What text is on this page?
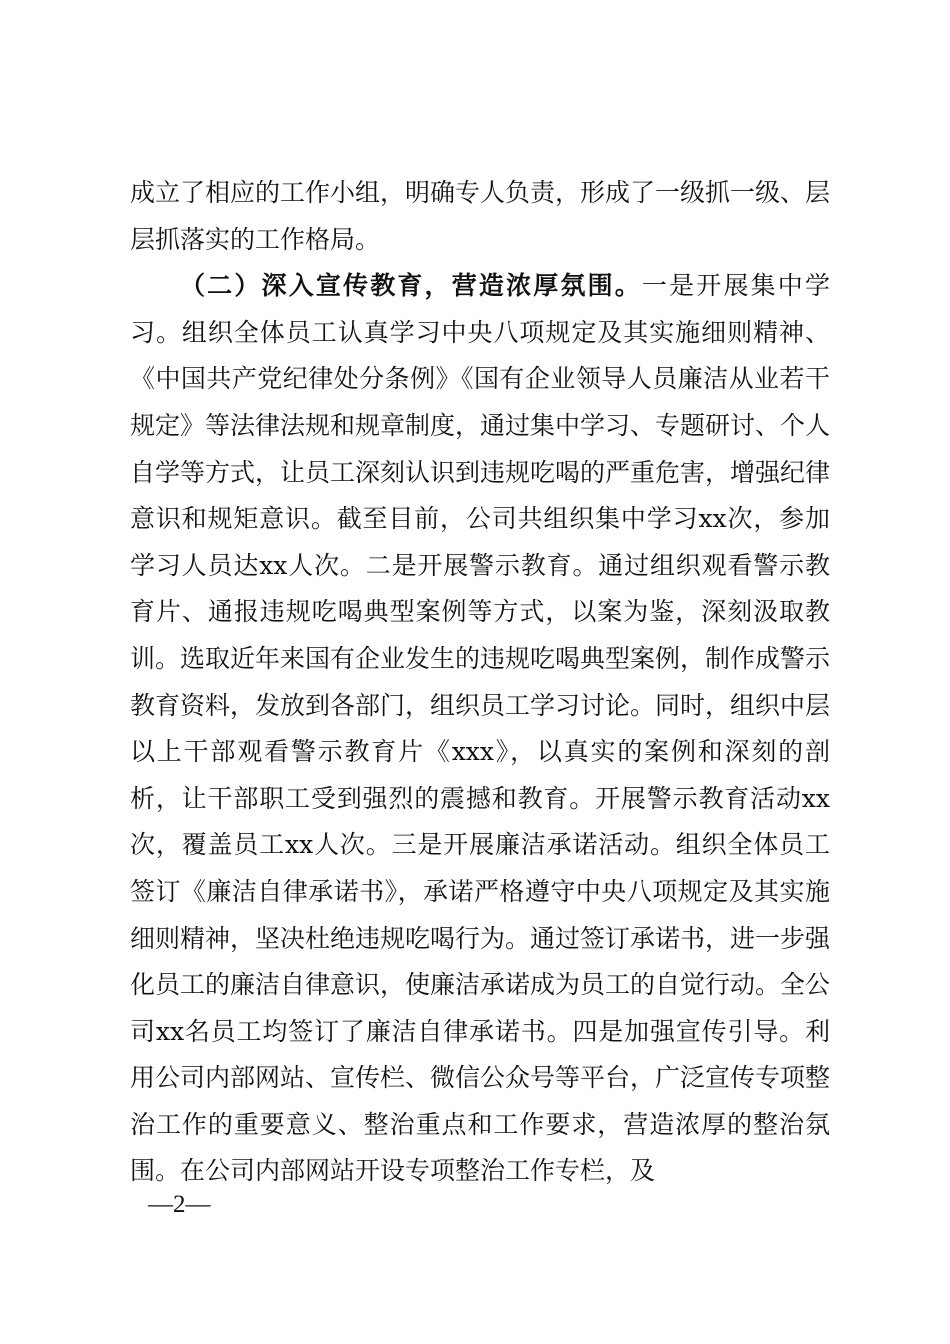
成立了相应的工作小组，明确专人负责，形成了一级抓一级、层层抓落实的工作格局。

（二）深入宣传教育，营造浓厚氛围。一是开展集中学习。组织全体员工认真学习中央八项规定及其实施细则精神、《中国共产党纪律处分条例》《国有企业领导人员廉洁从业若干规定》等法律法规和规章制度，通过集中学习、专题研讨、个人自学等方式，让员工深刻认识到违规吃喝的严重危害，增强纪律意识和规矩意识。截至目前，公司共组织集中学习xx次，参加学习人员达xx人次。二是开展警示教育。通过组织观看警示教育片、通报违规吃喝典型案例等方式，以案为鉴，深刻汲取教训。选取近年来国有企业发生的违规吃喝典型案例，制作成警示教育资料，发放到各部门，组织员工学习讨论。同时，组织中层以上干部观看警示教育片《xxx》，以真实的案例和深刻的剖析，让干部职工受到强烈的震撼和教育。开展警示教育活动xx次，覆盖员工xx人次。三是开展廉洁承诺活动。组织全体员工签订《廉洁自律承诺书》，承诺严格遵守中央八项规定及其实施细则精神，坚决杜绝违规吃喝行为。通过签订承诺书，进一步强化员工的廉洁自律意识，使廉洁承诺成为员工的自觉行动。全公司xx名员工均签订了廉洁自律承诺书。四是加强宣传引导。利用公司内部网站、宣传栏、微信公众号等平台，广泛宣传专项整治工作的重要意义、整治重点和工作要求，营造浓厚的整治氛围。在公司内部网站开设专项整治工作专栏，及

—2—
